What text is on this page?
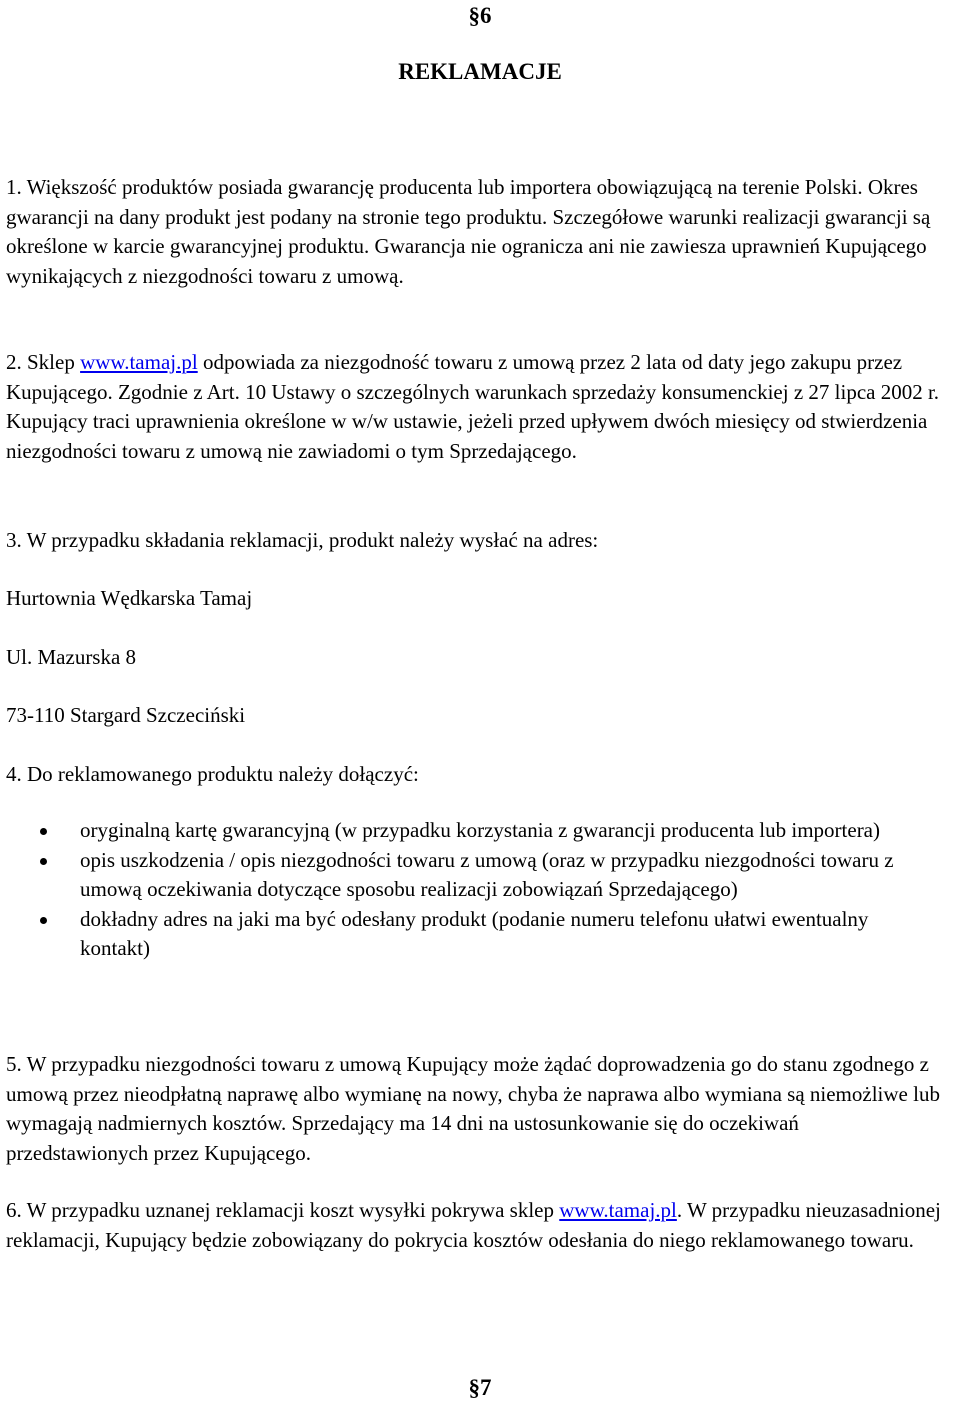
§6
REKLAMACJE

1. Większość produktów posiada gwarancję producenta lub importera obowiązującą na terenie Polski. Okres gwarancji na dany produkt jest podany na stronie tego produktu. Szczegółowe warunki realizacji gwarancji są określone w karcie gwarancyjnej produktu. Gwarancja nie ogranicza ani nie zawiesza uprawnień Kupującego wynikających z niezgodności towaru z umową.

2. Sklep www.tamaj.pl odpowiada za niezgodność towaru z umową przez 2 lata od daty jego zakupu przez Kupującego. Zgodnie z Art. 10 Ustawy o szczególnych warunkach sprzedaży konsumenckiej z 27 lipca 2002 r. Kupujący traci uprawnienia określone w w/w ustawie, jeżeli przed upływem dwóch miesięcy od stwierdzenia niezgodności towaru z umową nie zawiadomi o tym Sprzedającego.

3. W przypadku składania reklamacji, produkt należy wysłać na adres:

Hurtownia Wędkarska Tamaj

Ul. Mazurska 8

73-110 Stargard Szczeciński

4. Do reklamowanego produktu należy dołączyć:

oryginalną kartę gwarancyjną (w przypadku korzystania z gwarancji producenta lub importera)
opis uszkodzenia / opis niezgodności towaru z umową (oraz w przypadku niezgodności towaru z umową oczekiwania dotyczące sposobu realizacji zobowiązań Sprzedającego)
dokładny adres na jaki ma być odesłany produkt (podanie numeru telefonu ułatwi ewentualny kontakt)

5. W przypadku niezgodności towaru z umową Kupujący może żądać doprowadzenia go do stanu zgodnego z umową przez nieodpłatną naprawę albo wymianę na nowy, chyba że naprawa albo wymiana są niemożliwe lub wymagają nadmiernych kosztów. Sprzedający ma 14 dni na ustosunkowanie się do oczekiwań przedstawionych przez Kupującego.

6. W przypadku uznanej reklamacji koszt wysyłki pokrywa sklep www.tamaj.pl. W przypadku nieuzasadnionej reklamacji, Kupujący będzie zobowiązany do pokrycia kosztów odesłania do niego reklamowanego towaru.

§7
